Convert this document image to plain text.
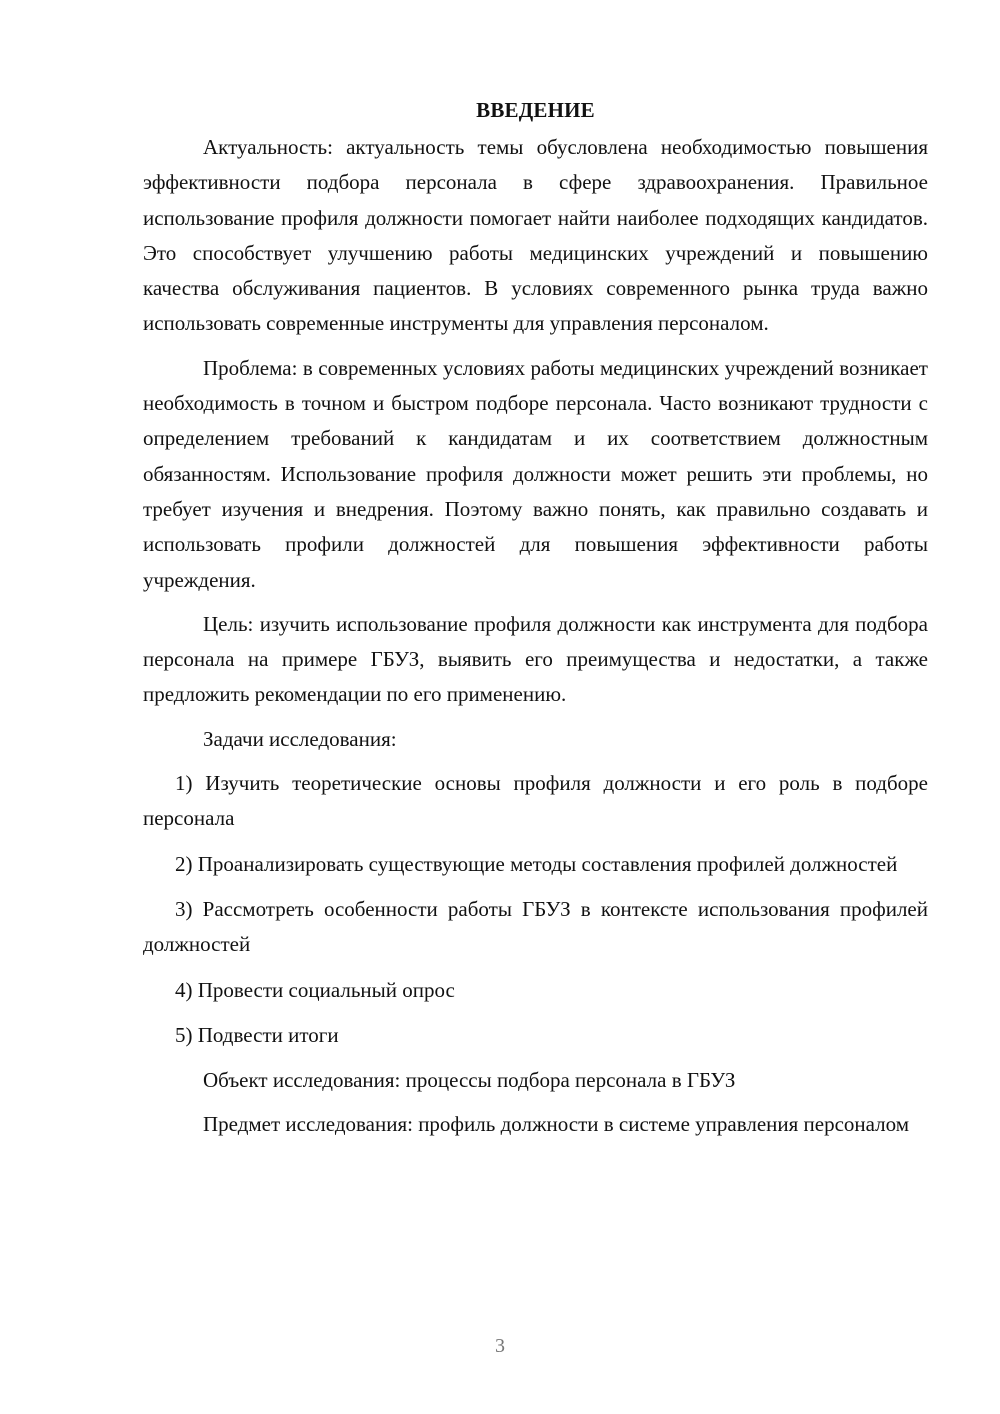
ВВЕДЕНИЕ

Актуальность: актуальность темы обусловлена необходимостью повышения эффективности подбора персонала в сфере здравоохранения. Правильное использование профиля должности помогает найти наиболее подходящих кандидатов. Это способствует улучшению работы медицинских учреждений и повышению качества обслуживания пациентов. В условиях современного рынка труда важно использовать современные инструменты для управления персоналом.

Проблема: в современных условиях работы медицинских учреждений возникает необходимость в точном и быстром подборе персонала. Часто возникают трудности с определением требований к кандидатам и их соответствием должностным обязанностям. Использование профиля должности может решить эти проблемы, но требует изучения и внедрения. Поэтому важно понять, как правильно создавать и использовать профили должностей для повышения эффективности работы учреждения.

Цель: изучить использование профиля должности как инструмента для подбора персонала на примере ГБУЗ, выявить его преимущества и недостатки, а также предложить рекомендации по его применению.

Задачи исследования:

1) Изучить теоретические основы профиля должности и его роль в подборе персонала

2) Проанализировать существующие методы составления профилей должностей

3) Рассмотреть особенности работы ГБУЗ в контексте использования профилей должностей

4) Провести социальный опрос

5) Подвести итоги

Объект исследования: процессы подбора персонала в ГБУЗ

Предмет исследования: профиль должности в системе управления персоналом

3
